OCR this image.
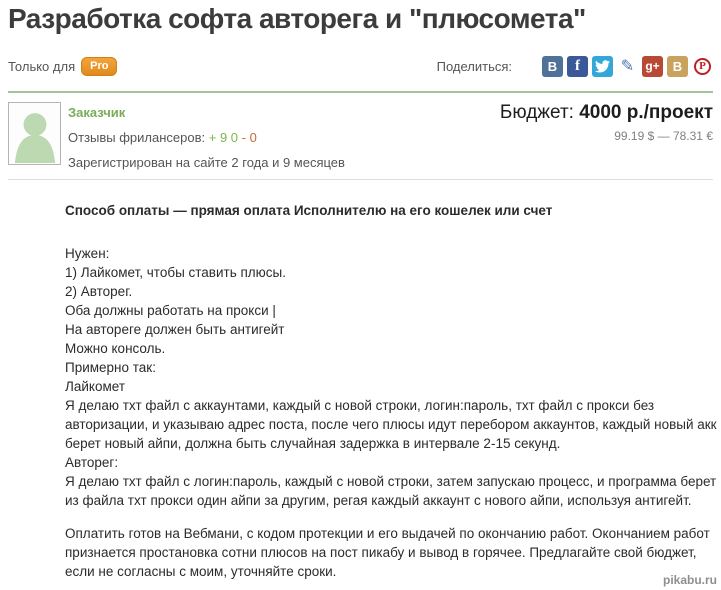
Разработка софта авторега и "плюсомета"
Только для	Pro	Поделиться:	В	f	✎ g+	B	P
Заказчик
Отзывы фрилансеров: + 9 0 - 0
Зарегистрирован на сайте 2 года и 9 месяцев
Бюджет: 4000 р./проект
99.19 $ — 78.31 €
Способ оплаты — прямая оплата Исполнителю на его кошелек или счет
Нужен:
1) Лайкомет, чтобы ставить плюсы.
2) Авторег.
Оба должны работать на прокси |
На автореге должен быть антигейт
Можно консоль.
Примерно так:
Лайкомет
Я делаю тхт файл с аккаунтами, каждый с новой строки, логин:пароль, тхт файл с прокси без
авторизации, и указываю адрес поста, после чего плюсы идут перебором аккаунтов, каждый новый акк
берет новый айпи, должна быть случайная задержка в интервале 2-15 секунд.
Авторег:
Я делаю тхт файл с логин:пароль, каждый с новой строки, затем запускаю процесс, и программа берет
из файла тхт прокси один айпи за другим, регая каждый аккаунт с нового айпи, используя антигейт.
Оплатить готов на Вебмани, с кодом протекции и его выдачей по окончанию работ. Окончанием работ
признается простановка сотни плюсов на пост пикабу и вывод в горячее. Предлагайте свой бюджет,
если не согласны с моим, уточняйте сроки.
pikabu.ru
